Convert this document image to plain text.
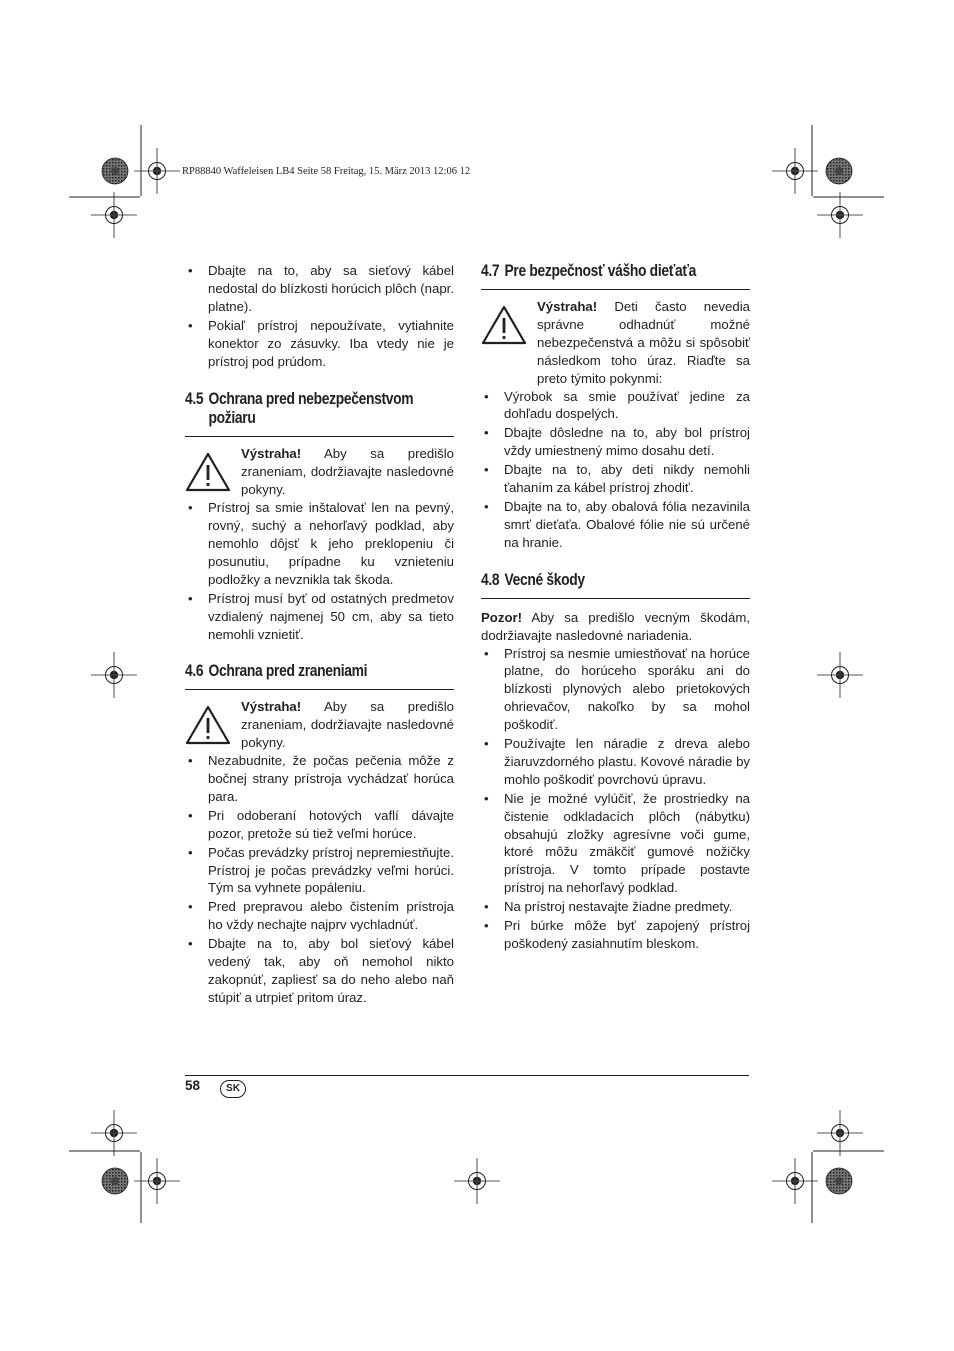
RP88840 Waffeleisen LB4 Seite 58 Freitag, 15. März 2013 12:06 12
• Dbajte na to, aby sa sieťový kábel nedostal do blízkosti horúcich plôch (napr. platne).
• Pokiaľ prístroj nepoužívate, vytiahnite konektor zo zásuvky. Iba vtedy nie je prístroj pod prúdom.
4.5 Ochrana pred nebezpečenstvom
požiaru
Výstraha! Aby sa predišlo zraneniam, dodržiavajte nasledovné pokyny.
• Prístroj sa smie inštalovať len na pevný, rovný, suchý a nehorľavý podklad, aby nemohlo dôjsť k jeho preklopeniu či posunutiu, prípadne ku vznieteniu podložky a nevznikla tak škoda.
• Prístroj musí byť od ostatných predmetov vzdialený najmenej 50 cm, aby sa tieto nemohli vznietiť.
4.6 Ochrana pred zraneniami
Výstraha! Aby sa predišlo zraneniam, dodržiavajte nasledovné pokyny.
• Nezabudnite, že počas pečenia môže z bočnej strany prístroja vychádzať horúca para.
• Pri odoberaní hotových vaflí dávajte pozor, pretože sú tiež veľmi horúce.
• Počas prevádzky prístroj nepremiestňujte. Prístroj je počas prevádzky veľmi horúci. Tým sa vyhnete popáleniu.
• Pred prepravou alebo čistením prístroja ho vždy nechajte najprv vychladnúť.
• Dbajte na to, aby bol sieťový kábel vedený tak, aby oň nemohol nikto zakopnúť, zapliesť sa do neho alebo naň stúpiť a utrpieť pritom úraz.
4.7 Pre bezpečnosť vášho dieťaťa
Výstraha! Deti často nevedia správne odhadnúť možné nebezpečenstvá a môžu si spôsobiť následkom toho úraz. Riaďte sa preto týmito pokynmi:
• Výrobok sa smie používať jedine za dohľadu dospelých.
• Dbajte dôsledne na to, aby bol prístroj vždy umiestnený mimo dosahu detí.
• Dbajte na to, aby deti nikdy nemohli ťahaním za kábel prístroj zhodiť.
• Dbajte na to, aby obalová fólia nezavinila smrť dieťaťa. Obalové fólie nie sú určené na hranie.
4.8 Vecné škody

Pozor! Aby sa predišlo vecným škodám, dodržiavajte nasledovné nariadenia.

• Prístroj sa nesmie umiestňovať na horúce platne, do horúceho sporáku ani do blízkosti plynových alebo prietokových ohrievačov, nakoľko by sa mohol poškodiť.
• Používajte len náradie z dreva alebo žiaruvzdorného plastu. Kovové náradie by mohlo poškodiť povrchovú úpravu.
• Nie je možné vylúčiť, že prostriedky na čistenie odkladacích plôch (nábytku) obsahujú zložky agresívne voči gume, ktoré môžu zmäkčiť gumové nožičky prístroja. V tomto prípade postavte prístroj na nehorľavý podklad.
• Na prístroj nestavajte žiadne predmety.
• Pri búrke môže byť zapojený prístroj poškodený zasiahnutím bleskom.
58	SK
